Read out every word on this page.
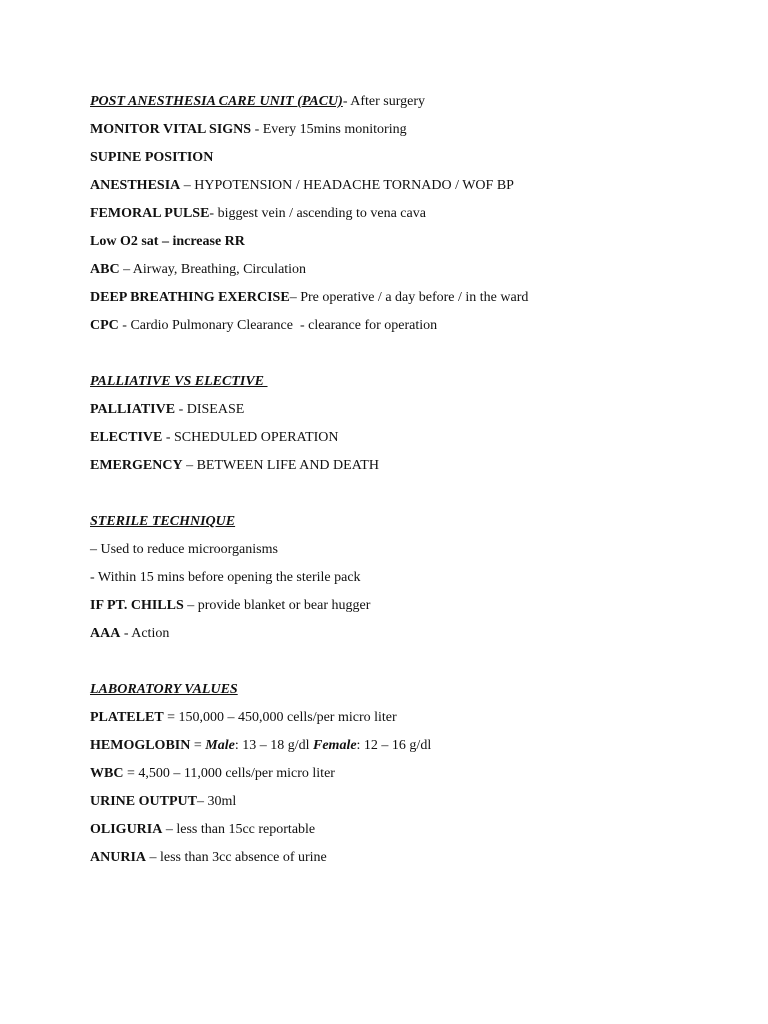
POST ANESTHESIA CARE UNIT (PACU)- After surgery
MONITOR VITAL SIGNS - Every 15mins monitoring
SUPINE POSITION
ANESTHESIA – HYPOTENSION / HEADACHE TORNADO / WOF BP
FEMORAL PULSE- biggest vein / ascending to vena cava
Low O2 sat – increase RR
ABC – Airway, Breathing, Circulation
DEEP BREATHING EXERCISE– Pre operative / a day before / in the ward
CPC - Cardio Pulmonary Clearance  - clearance for operation
PALLIATIVE VS ELECTIVE
PALLIATIVE - DISEASE
ELECTIVE - SCHEDULED OPERATION
EMERGENCY – BETWEEN LIFE AND DEATH
STERILE TECHNIQUE
– Used to reduce microorganisms
- Within 15 mins before opening the sterile pack
IF PT. CHILLS – provide blanket or bear hugger
AAA - Action
LABORATORY VALUES
PLATELET = 150,000 – 450,000 cells/per micro liter
HEMOGLOBIN = Male: 13 – 18 g/dl Female: 12 – 16 g/dl
WBC = 4,500 – 11,000 cells/per micro liter
URINE OUTPUT– 30ml
OLIGURIA – less than 15cc reportable
ANURIA – less than 3cc absence of urine
